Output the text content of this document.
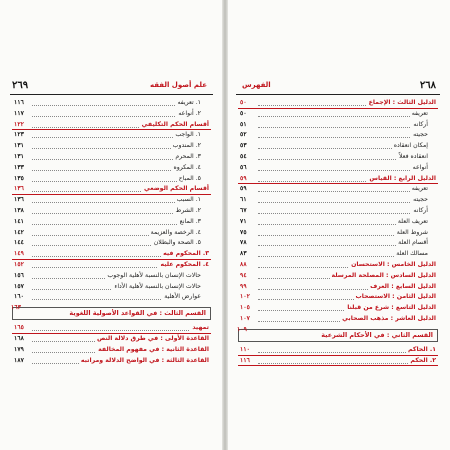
٢٦٩	علم أصول الفقه
١. تعريفه
١١٦
٢. أنواعه
١١٧
أقسام الحكم التكليفي
١٢٢
١. الواجب
١٢٣
٢. المندوب
١٣١
٣. المحرم
١٣١
٤. المكروه
١٣٣
٥. المباح
١٣٥
أقسام الحكم الوضعي
١٣٦
١. السبب
١٣٦
٢. الشرط
١٣٨
٣. المانع
١٤١
٤. الرخصة والعزيمة
١٤٢
٥. الصحة والبطلان
١٤٤
٣. المحكوم فيه
١٤٩
٤. المحكوم عليه
١٥٢
حالات الإنسان بالنسبة لأهلية الوجوب
١٥٦
حالات الإنسان بالنسبة لأهلية الأداء
١٥٧
عوارض الأهلية
١٦٠
القسم الثالث : في القواعد الأصولية اللغوية
١٦٣
تمهيد
١٦٥
القاعدة الأولى : في طرق دلالة النص
١٦٨
القاعدة الثانية : في مفهوم المخالفة
١٧٩
القاعدة الثالثة : في الواضح الدلالة ومراتبه
١٨٧
٢٦٨
الفهرس
الدليل الثالث : الإجماع
٥٠
تعريفه
٥٠
أركانه
٥١
حجيته
٥٢
إمكان انعقاده
٥٣
انعقاده فعلاً
٥٤
أنواعه
٥٦
الدليل الرابع : القياس
٥٩
تعريفه
٥٩
حجيته
٦١
أركانه
٦٧
تعريف العلة
٧١
شروط العلة
٧٥
أقسام العلة
٧٨
مسالك العلة
٨٣
الدليل الخامس : الاستحسان
٨٨
الدليل السادس : المصلحة المرسلة
٩٤
الدليل السابع : العرف
٩٩
الدليل الثامن : الاستصحاب
١٠٢
الدليل التاسع : شرع من قبلنا
١٠٥
الدليل العاشر : مذهب الصحابي
١٠٧
القسم الثاني : في الأحكام الشرعية
١٠٩
١. الحاكم
١١٠
٢. الحكم
١١٦
